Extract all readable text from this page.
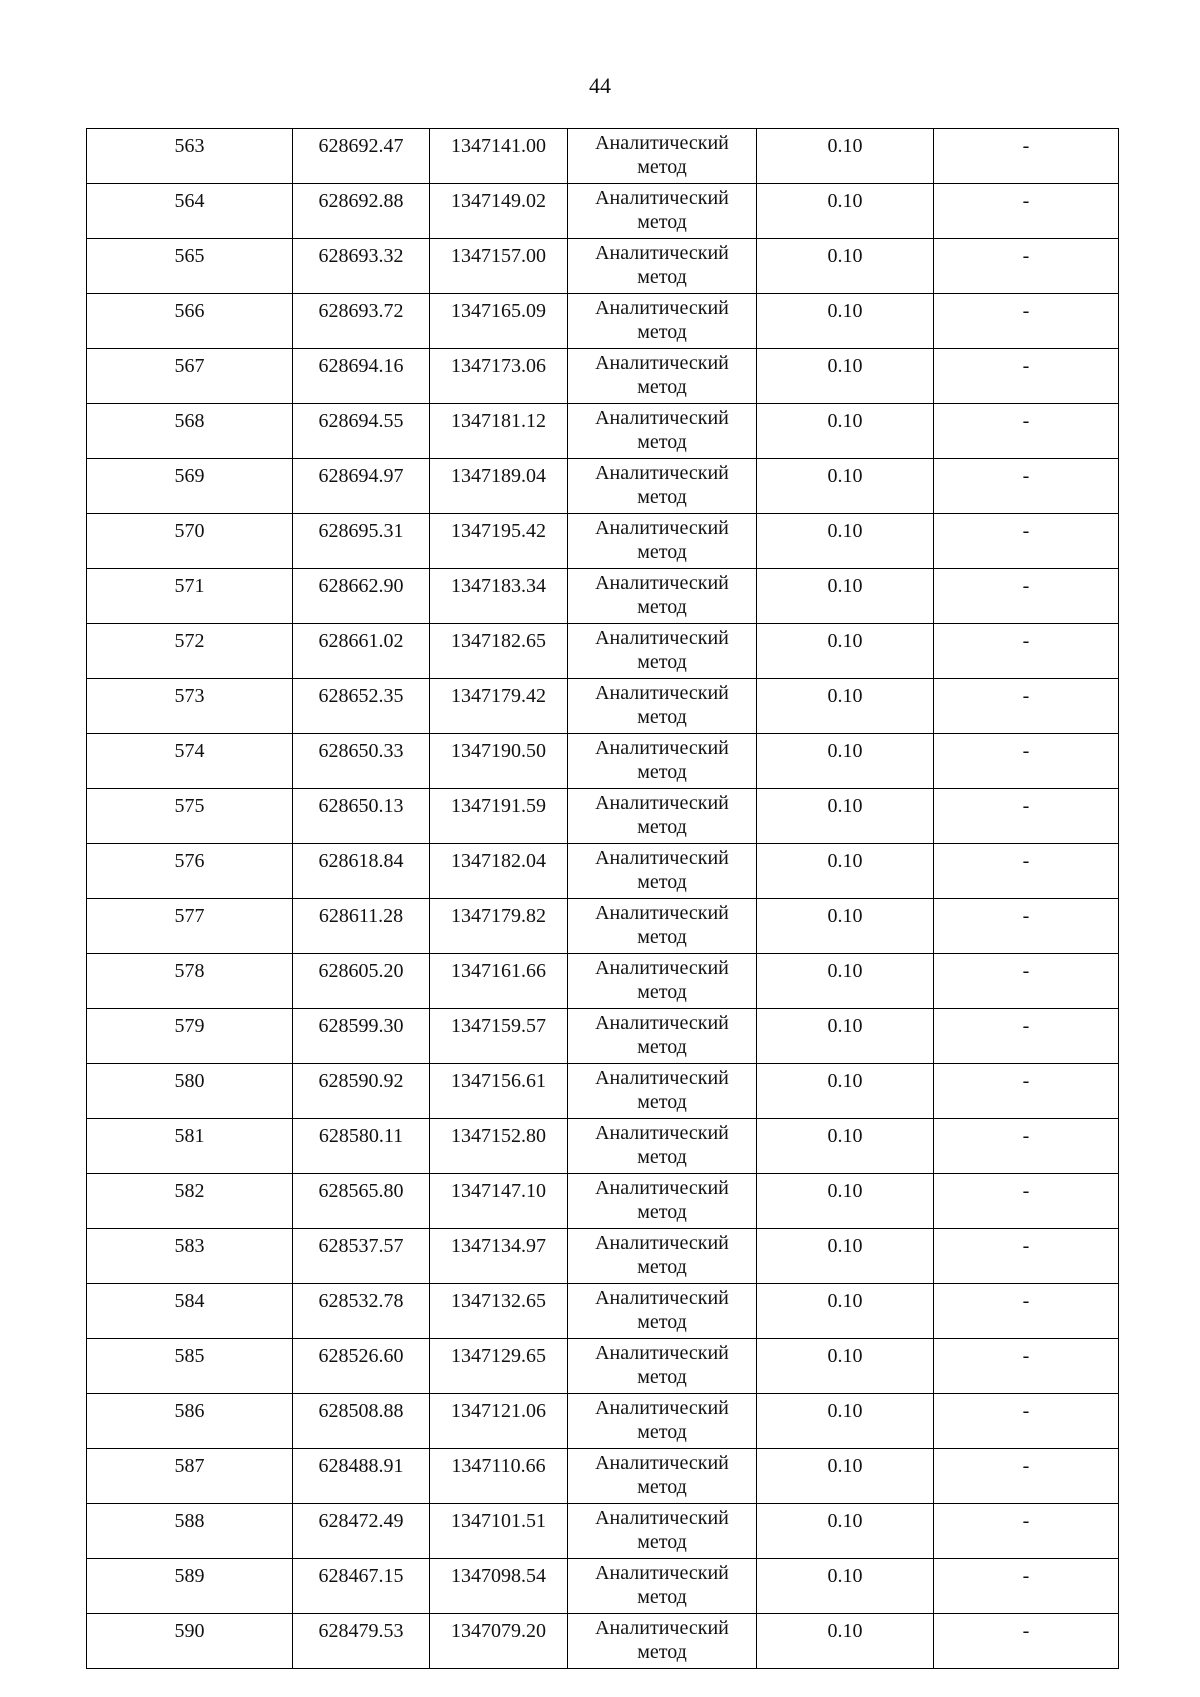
44
563	628692.47	1347141.00	Аналитический
метод	0.10	-
564	628692.88	1347149.02	Аналитический
метод	0.10	-
565	628693.32	1347157.00	Аналитический
метод	0.10	-
566	628693.72	1347165.09	Аналитический
метод	0.10	-
567	628694.16	1347173.06	Аналитический
метод	0.10	-
568	628694.55	1347181.12	Аналитический
метод	0.10	-
569	628694.97	1347189.04	Аналитический
метод	0.10	-
570	628695.31	1347195.42	Аналитический
метод	0.10	-
571	628662.90	1347183.34	Аналитический
метод	0.10	-
572	628661.02	1347182.65	Аналитический
метод	0.10	-
573	628652.35	1347179.42	Аналитический
метод	0.10	-
574	628650.33	1347190.50	Аналитический
метод	0.10	-
575	628650.13	1347191.59	Аналитический
метод	0.10	-
576	628618.84	1347182.04	Аналитический
метод	0.10	-
577	628611.28	1347179.82	Аналитический
метод	0.10	-
578	628605.20	1347161.66	Аналитический
метод	0.10	-
579	628599.30	1347159.57	Аналитический
метод	0.10	-
580	628590.92	1347156.61	Аналитический
метод	0.10	-
581	628580.11	1347152.80	Аналитический
метод	0.10	-
582	628565.80	1347147.10	Аналитический
метод	0.10	-
583	628537.57	1347134.97	Аналитический
метод	0.10	-
584	628532.78	1347132.65	Аналитический
метод	0.10	-
585	628526.60	1347129.65	Аналитический
метод	0.10	-
586	628508.88	1347121.06	Аналитический
метод	0.10	-
587	628488.91	1347110.66	Аналитический
метод	0.10	-
588	628472.49	1347101.51	Аналитический
метод	0.10	-
589	628467.15	1347098.54	Аналитический
метод	0.10	-
590	628479.53	1347079.20	Аналитический
метод	0.10	-
